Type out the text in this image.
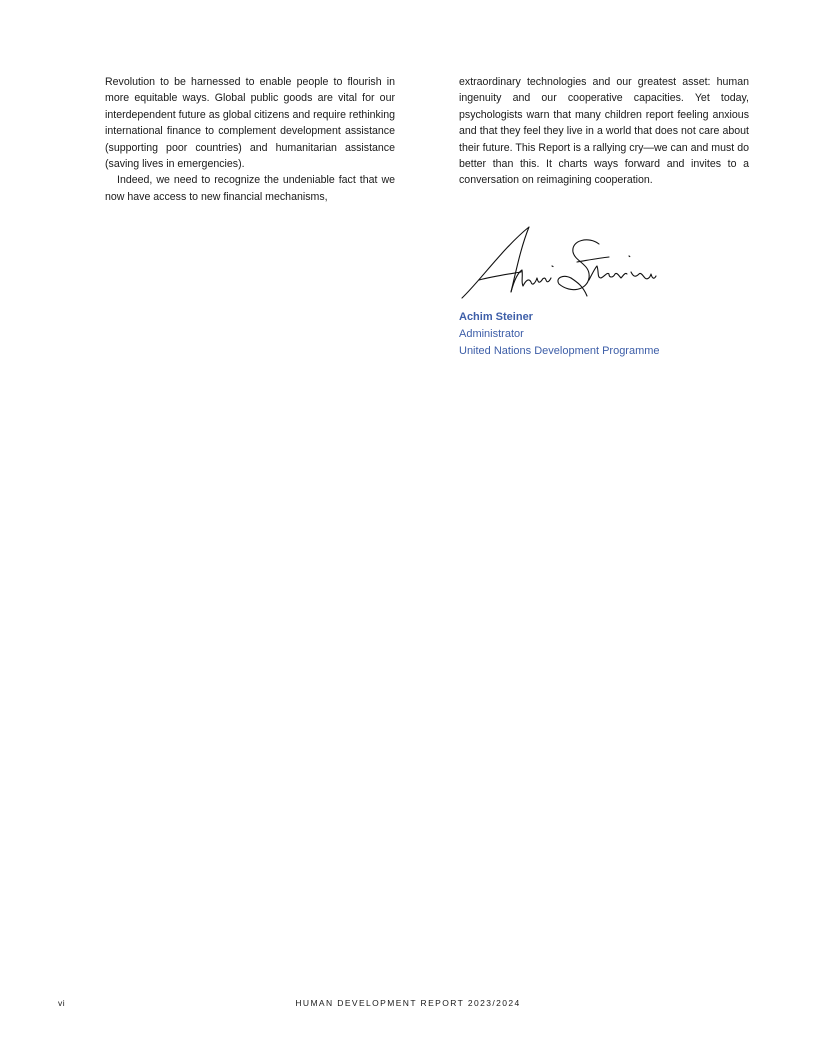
Revolution to be harnessed to enable people to flourish in more equitable ways. Global public goods are vital for our interdependent future as global citizens and require rethinking international finance to complement development assistance (supporting poor countries) and humanitarian assistance (saving lives in emergencies).

Indeed, we need to recognize the undeniable fact that we now have access to new financial mechanisms,

extraordinary technologies and our greatest asset: human ingenuity and our cooperative capacities. Yet today, psychologists warn that many children report feeling anxious and that they feel they live in a world that does not care about their future. This Report is a rallying cry—we can and must do better than this. It charts ways forward and invites to a conversation on reimagining cooperation.

Achim Steiner
Administrator
United Nations Development Programme
vi	HUMAN DEVELOPMENT REPORT 2023/2024
